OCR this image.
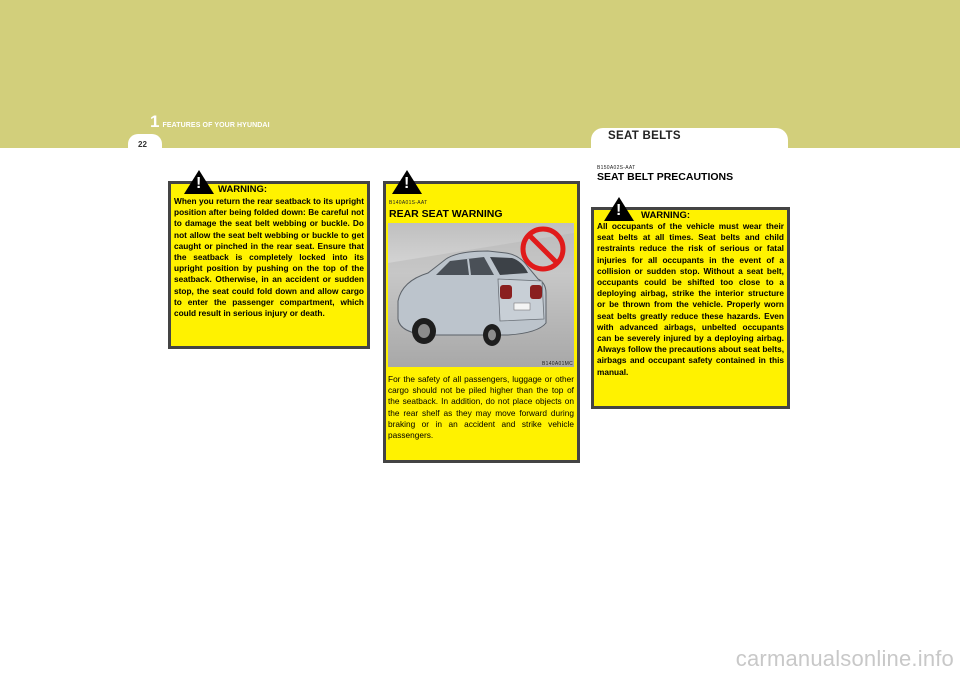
1 FEATURES OF YOUR HYUNDAI
22
SEAT BELTS
! WARNING:
When you return the rear seatback to its upright position after being folded down: Be careful not to damage the seat belt webbing or buckle. Do not allow the seat belt webbing or buckle to get caught or pinched in the rear seat. Ensure that the seatback is completely locked into its upright position by pushing on the top of the seatback. Otherwise, in an accident or sudden stop, the seat could fold down and allow cargo to enter the passenger compartment, which could result in serious injury or death.
!
B140A01S-AAT
REAR SEAT WARNING
B140A01MC
For the safety of all passengers, luggage or other cargo should not be piled higher than the top of the seatback. In addition, do not place objects on the rear shelf as they may move forward during braking or in an accident and strike vehicle passengers.
B150A02S-AAT
SEAT BELT PRECAUTIONS
! WARNING:
All occupants of the vehicle must wear their seat belts at all times. Seat belts and child restraints reduce the risk of serious or fatal injuries for all occupants in the event of a collision or sudden stop. Without a seat belt, occupants could be shifted too close to a deploying airbag, strike the interior structure or be thrown from the vehicle. Properly worn seat belts greatly reduce these hazards. Even with advanced airbags, unbelted occupants can be severely injured by a deploying airbag. Always follow the precautions about seat belts, airbags and occupant safety contained in this manual.
carmanualsonline.info
